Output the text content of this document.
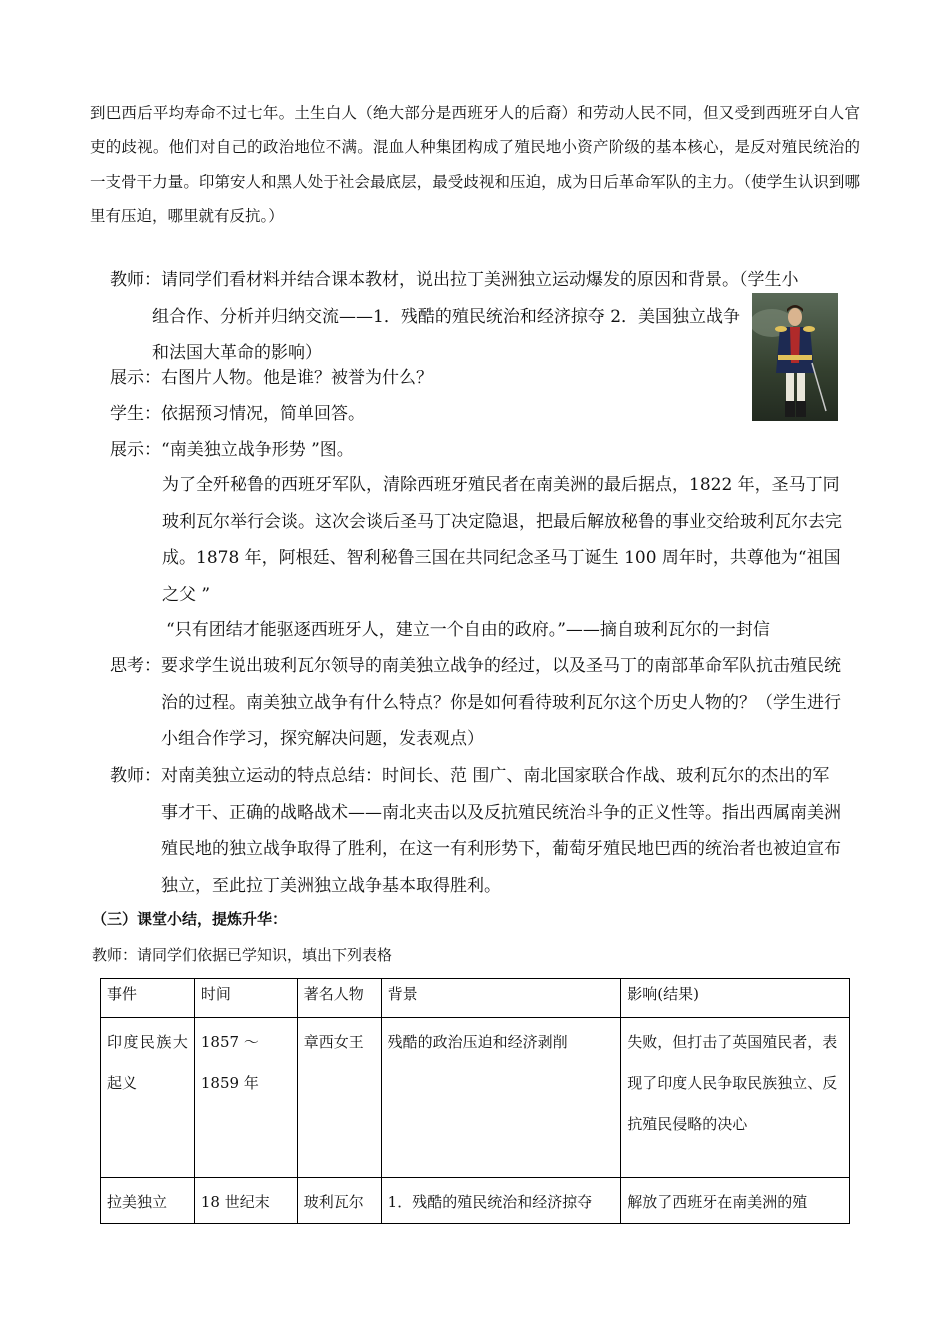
到巴西后平均寿命不过七年。土生白人（绝大部分是西班牙人的后裔）和劳动人民不同，但又受到西班牙白人官吏的歧视。他们对自己的政治地位不满。混血人种集团构成了殖民地小资产阶级的基本核心，是反对殖民统治的一支骨干力量。印第安人和黑人处于社会最底层，最受歧视和压迫，成为日后革命军队的主力。（使学生认识到哪里有压迫，哪里就有反抗。）

教师： 请同学们看材料并结合课本教材，说出拉丁美洲独立运动爆发的原因和背景。（学生小
组合作、分析并归纳交流——1．残酷的殖民统治和经济掠夺 2．美国独立战争和法国大革命的影响）
展示： 右图片人物。他是谁？被誉为什么？
学生： 依据预习情况，简单回答。
展示： “南美独立战争形势 ”图。

为了全歼秘鲁的西班牙军队，清除西班牙殖民者在南美洲的最后据点，1822 年，圣马丁同玻利瓦尔举行会谈。这次会谈后圣马丁决定隐退，把最后解放秘鲁的事业交给玻利瓦尔去完成。1878 年，阿根廷、智利秘鲁三国在共同纪念圣马丁诞生 100 周年时，共尊他为“祖国之父 ”

“只有团结才能驱逐西班牙人，建立一个自由的政府。”——摘自玻利瓦尔的一封信

思考： 要求学生说出玻利瓦尔领导的南美独立战争的经过，以及圣马丁的南部革命军队抗击殖民统治的过程。南美独立战争有什么特点？你是如何看待玻利瓦尔这个历史人物的？（学生进行小组合作学习，探究解决问题，发表观点）
教师： 对南美独立运动的特点总结：时间长、范 围广、南北国家联合作战、玻利瓦尔的杰出的军事才干、正确的战略战术——南北夹击以及反抗殖民统治斗争的正义性等。指出西属南美洲殖民地的独立战争取得了胜利，在这一有利形势下，葡萄牙殖民地巴西的统治者也被迫宣布独立，至此拉丁美洲独立战争基本取得胜利。

（三）课堂小结，提炼升华：

教师：请同学们依据已学知识，填出下列表格

事件	时间	著名人物	背景	影响(结果)
印度民族大起义	1857 ～ 1859 年	章西女王	残酷的政治压迫和经济剥削	失败，但打击了英国殖民者，表现了印度人民争取民族独立、反抗殖民侵略的决心
拉美独立	18 世纪末	玻利瓦尔	1．残酷的殖民统治和经济掠夺	解放了西班牙在南美洲的殖
